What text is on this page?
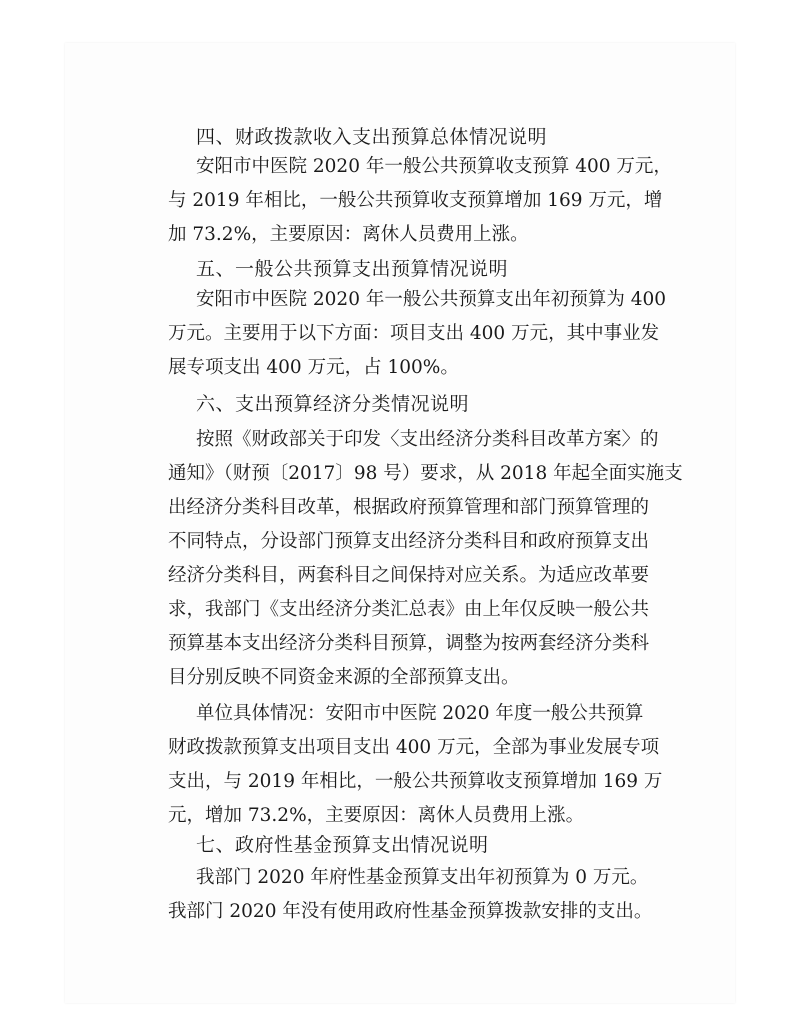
四、财政拨款收入支出预算总体情况说明
安阳市中医院 2020 年一般公共预算收支预算 400 万元，
与 2019 年相比，一般公共预算收支预算增加 169 万元，增
加 73.2%，主要原因：离休人员费用上涨。
五、一般公共预算支出预算情况说明
安阳市中医院 2020 年一般公共预算支出年初预算为 400
万元。主要用于以下方面：项目支出 400 万元，其中事业发
展专项支出 400 万元，占 100%。
六、支出预算经济分类情况说明
按照《财政部关于印发〈支出经济分类科目改革方案〉的
通知》（财预〔2017〕98 号）要求，从 2018 年起全面实施支
出经济分类科目改革，根据政府预算管理和部门预算管理的
不同特点，分设部门预算支出经济分类科目和政府预算支出
经济分类科目，两套科目之间保持对应关系。为适应改革要
求，我部门《支出经济分类汇总表》由上年仅反映一般公共
预算基本支出经济分类科目预算，调整为按两套经济分类科
目分别反映不同资金来源的全部预算支出。
单位具体情况：安阳市中医院 2020 年度一般公共预算
财政拨款预算支出项目支出 400 万元，全部为事业发展专项
支出，与 2019 年相比，一般公共预算收支预算增加 169 万
元，增加 73.2%，主要原因：离休人员费用上涨。
七、政府性基金预算支出情况说明
我部门 2020 年府性基金预算支出年初预算为 0 万元。
我部门 2020 年没有使用政府性基金预算拨款安排的支出。
